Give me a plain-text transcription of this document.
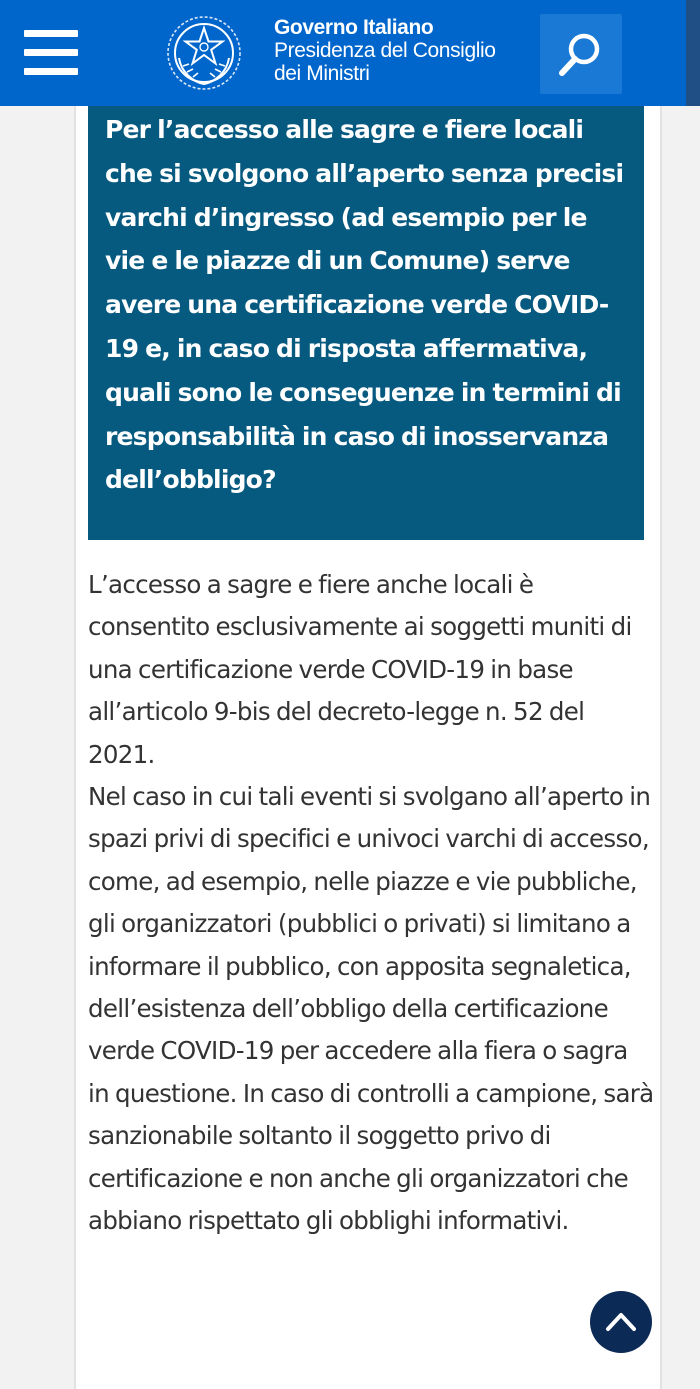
Governo Italiano
Presidenza del Consiglio
dei Ministri

Per l’accesso alle sagre e fiere locali che si svolgono all’aperto senza precisi varchi d’ingresso (ad esempio per le vie e le piazze di un Comune) serve avere una certificazione verde COVID-19 e, in caso di risposta affermativa, quali sono le conseguenze in termini di responsabilità in caso di inosservanza dell’obbligo?

L’accesso a sagre e fiere anche locali è consentito esclusivamente ai soggetti muniti di una certificazione verde COVID-19 in base all’articolo 9-bis del decreto-legge n. 52 del 2021.

Nel caso in cui tali eventi si svolgano all’aperto in spazi privi di specifici e univoci varchi di accesso, come, ad esempio, nelle piazze e vie pubbliche, gli organizzatori (pubblici o privati) si limitano a informare il pubblico, con apposita segnaletica, dell’esistenza dell’obbligo della certificazione verde COVID-19 per accedere alla fiera o sagra in questione. In caso di controlli a campione, sarà sanzionabile soltanto il soggetto privo di certificazione e non anche gli organizzatori che abbiano rispettato gli obblighi informativi.
